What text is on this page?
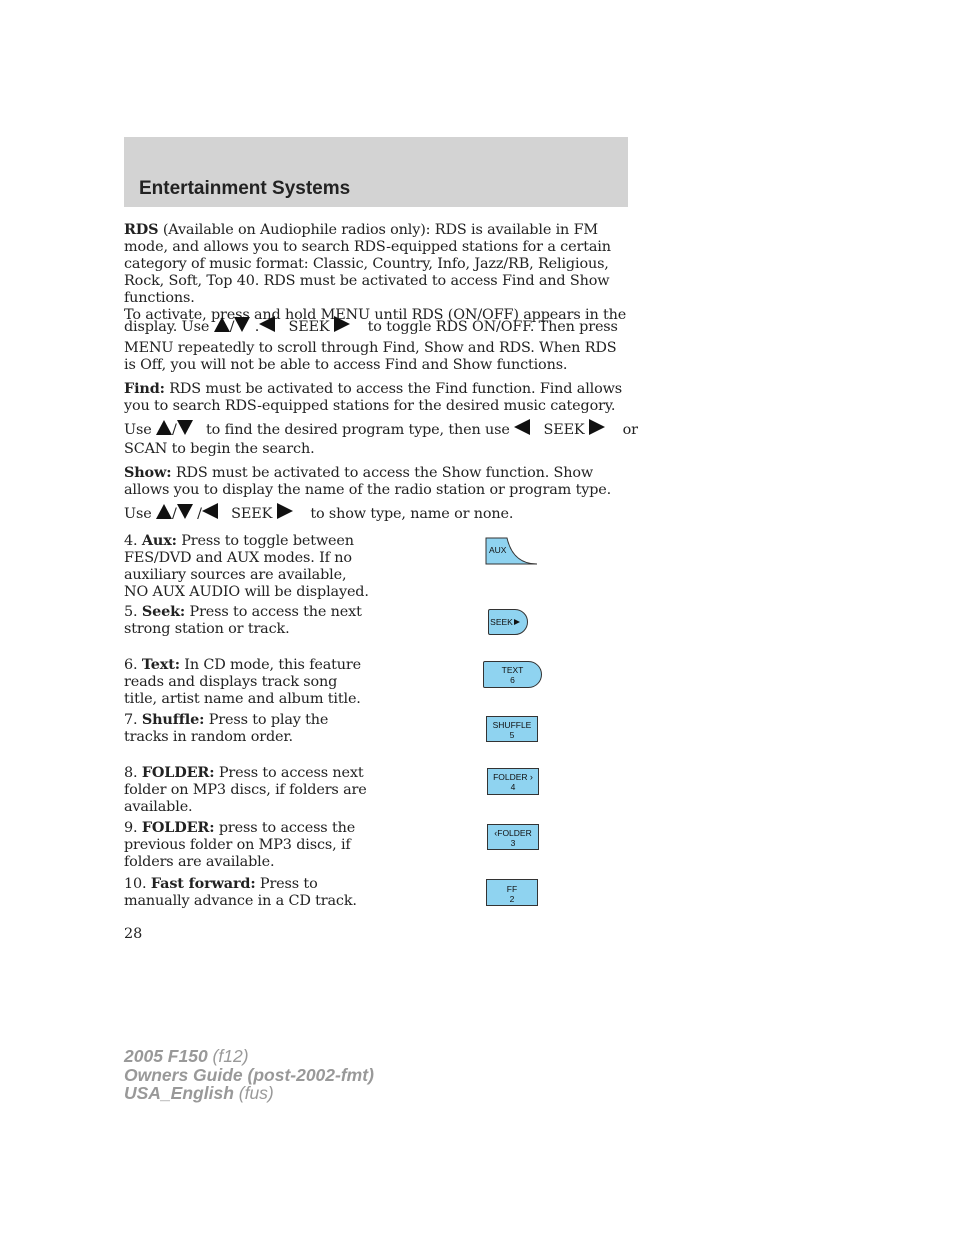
Entertainment Systems
RDS (Available on Audiophile radios only): RDS is available in FM mode, and allows you to search RDS-equipped stations for a certain category of music format: Classic, Country, Info, Jazz/RB, Religious, Rock, Soft, Top 40. RDS must be activated to access Find and Show functions.
To activate, press and hold MENU until RDS (ON/OFF) appears in the
display. Use / . SEEK	to toggle RDS ON/OFF. Then press
MENU repeatedly to scroll through Find, Show and RDS. When RDS is Off, you will not be able to access Find and Show functions.
Find: RDS must be activated to access the Find function. Find allows you to search RDS-equipped stations for the desired music category.
Use / to find the desired program type, then use SEEK	or
SCAN to begin the search.
Show: RDS must be activated to access the Show function. Show allows you to display the name of the radio station or program type.
Use / / SEEK	to show type, name or none.
4. Aux: Press to toggle between FES/DVD and AUX modes. If no auxiliary sources are available, NO AUX AUDIO will be displayed.
5. Seek: Press to access the next strong station or track.
6. Text: In CD mode, this feature reads and displays track song title, artist name and album title.
7. Shuffle: Press to play the tracks in random order.
8. FOLDER: Press to access next folder on MP3 discs, if folders are available.
9. FOLDER: press to access the previous folder on MP3 discs, if folders are available.
10. Fast forward: Press to manually advance in a CD track.
AUX
SEEK
TEXT
6
SHUFFLE
5
FOLDER ›
4
‹FOLDER
3
FF
2
28
2005 F150 (f12)
Owners Guide (post-2002-fmt)
USA_English (fus)
